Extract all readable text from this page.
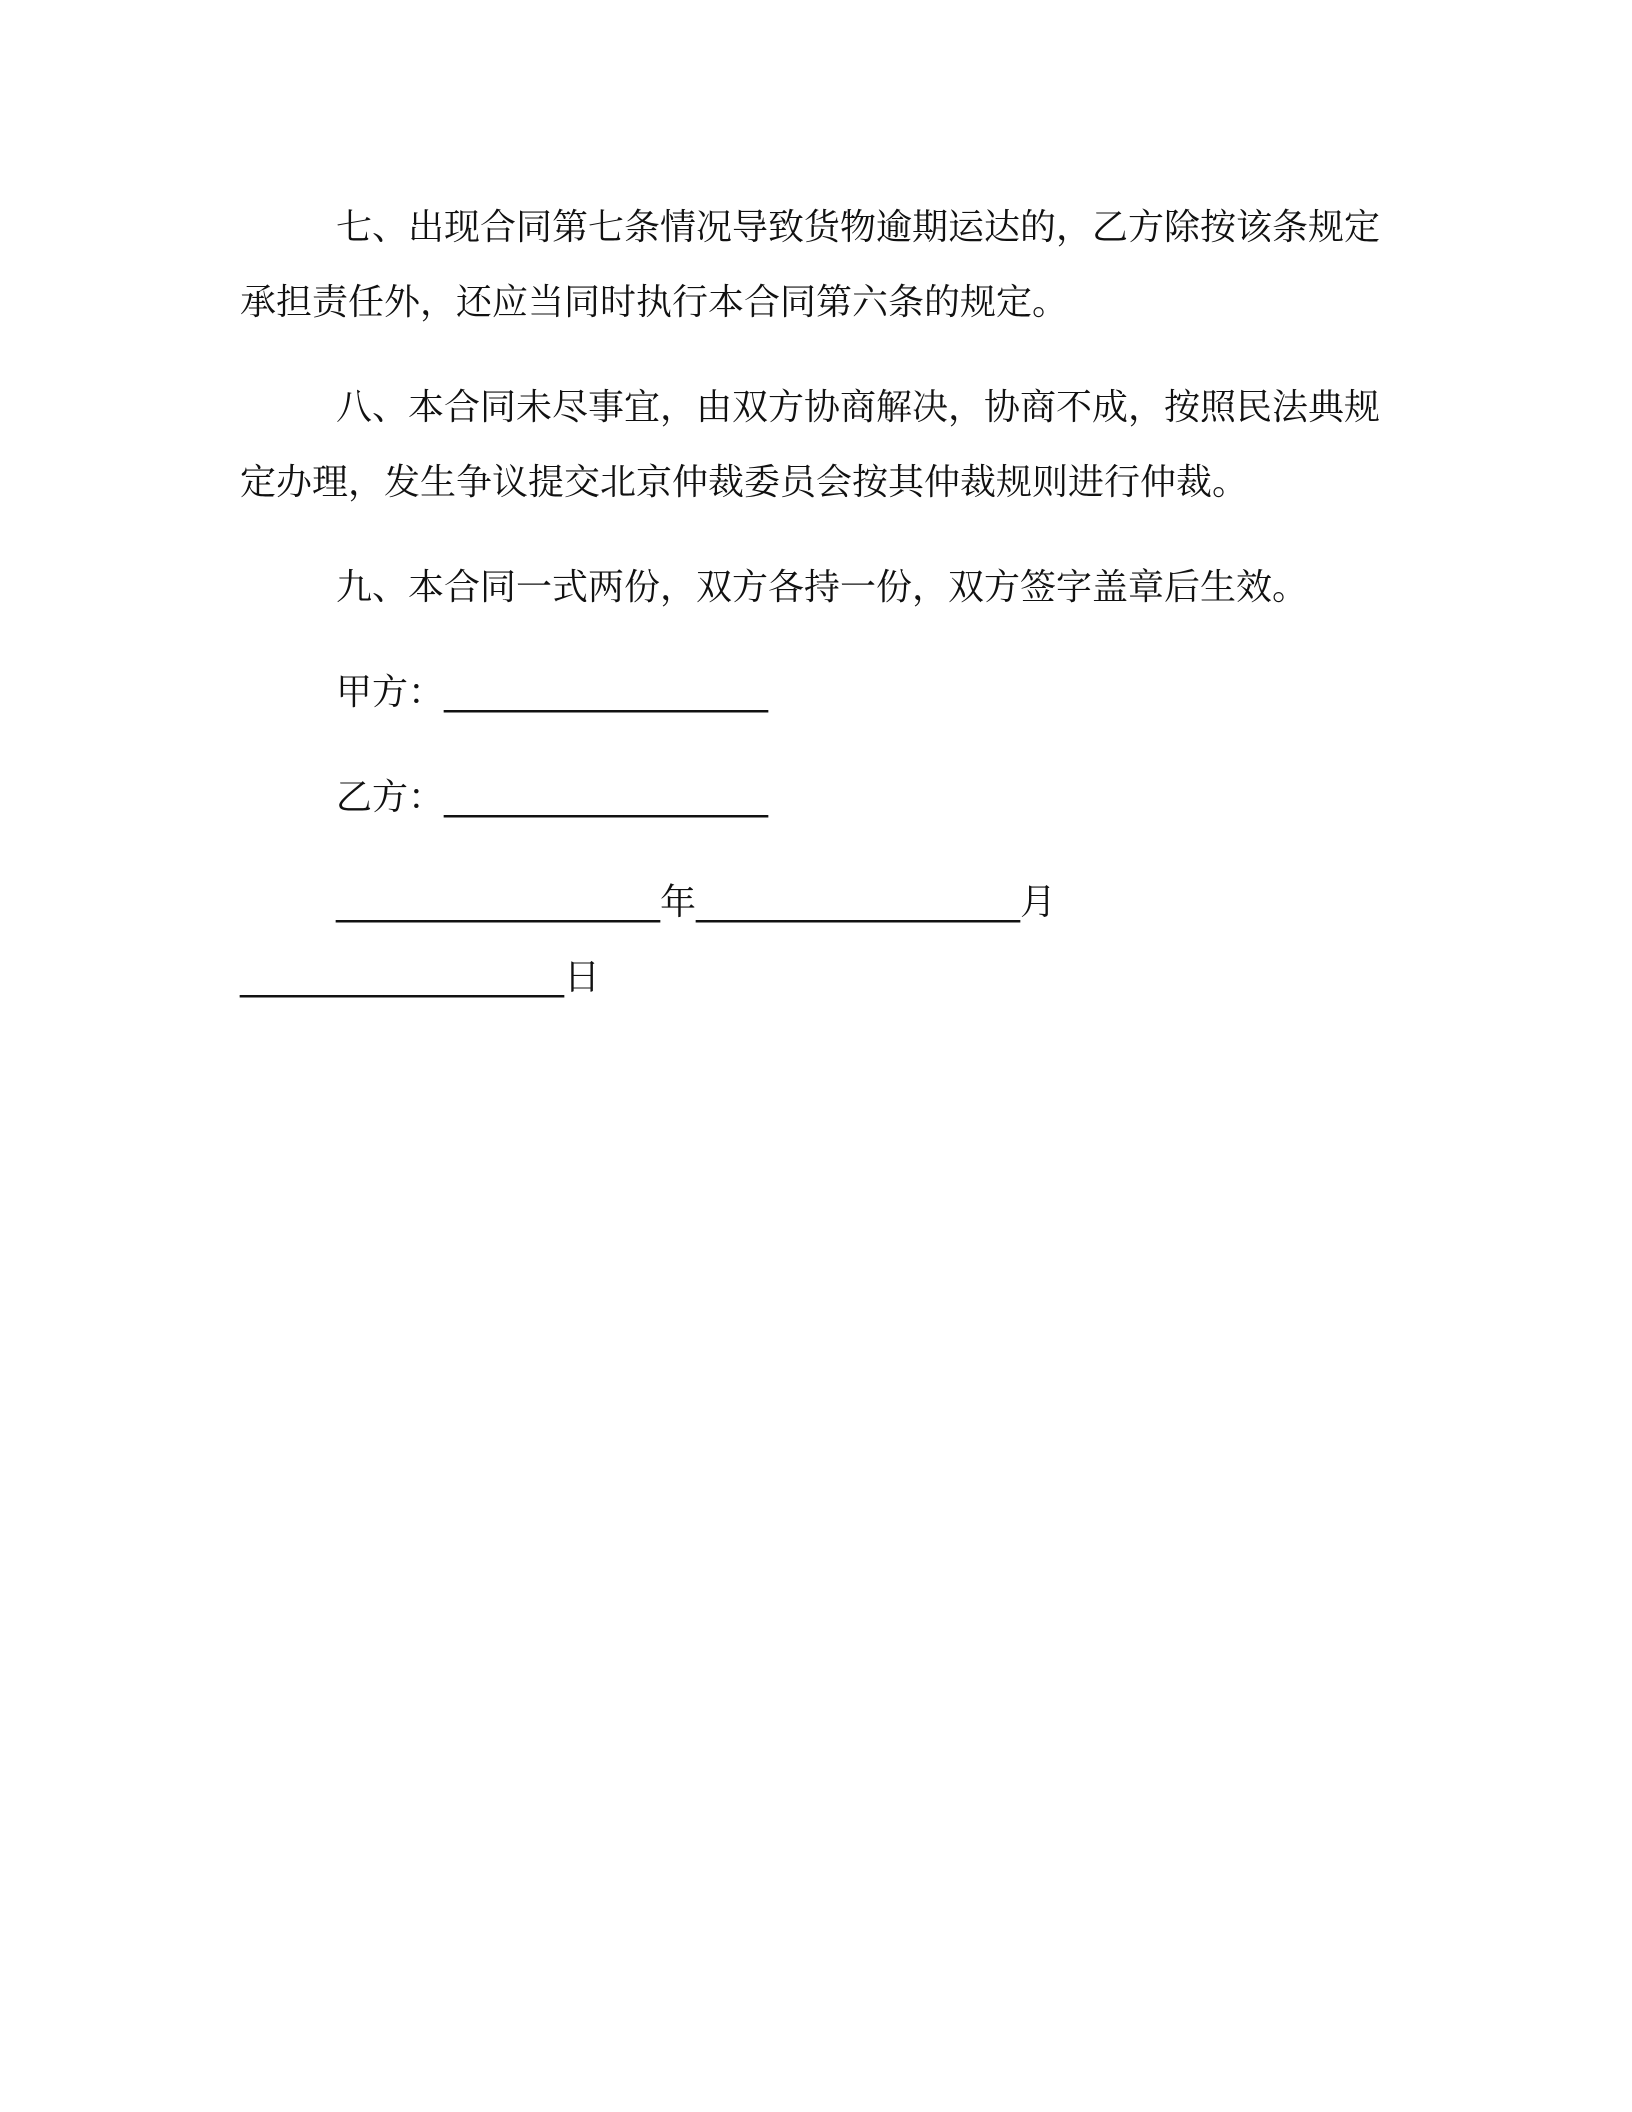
七、出现合同第七条情况导致货物逾期运达的，乙方除按该条规定承担责任外，还应当同时执行本合同第六条的规定。

八、本合同未尽事宜，由双方协商解决，协商不成，按照民法典规定办理，发生争议提交北京仲裁委员会按其仲裁规则进行仲裁。

九、本合同一式两份，双方各持一份，双方签字盖章后生效。

甲方：__________________

乙方：__________________

__________________年__________________月__________________日
